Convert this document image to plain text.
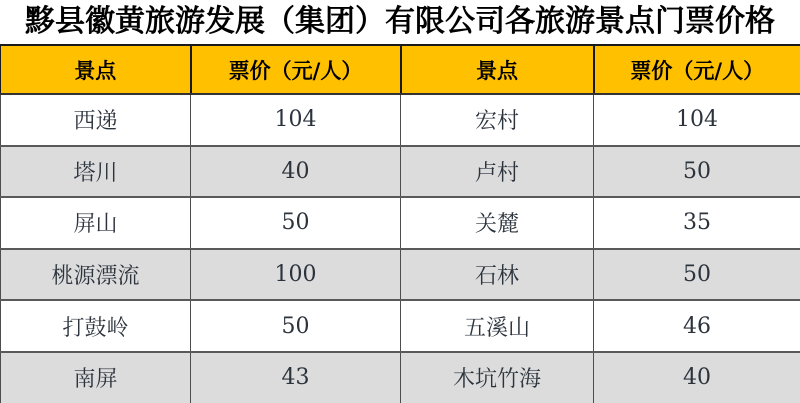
黟县徽黄旅游发展（集团）有限公司各旅游景点门票价格
景点	票价（元/人）	景点	票价（元/人）
西递	104	宏村	104
塔川	40	卢村	50
屏山	50	关麓	35
桃源漂流	100	石林	50
打鼓岭	50	五溪山	46
南屏	43	木坑竹海	40
